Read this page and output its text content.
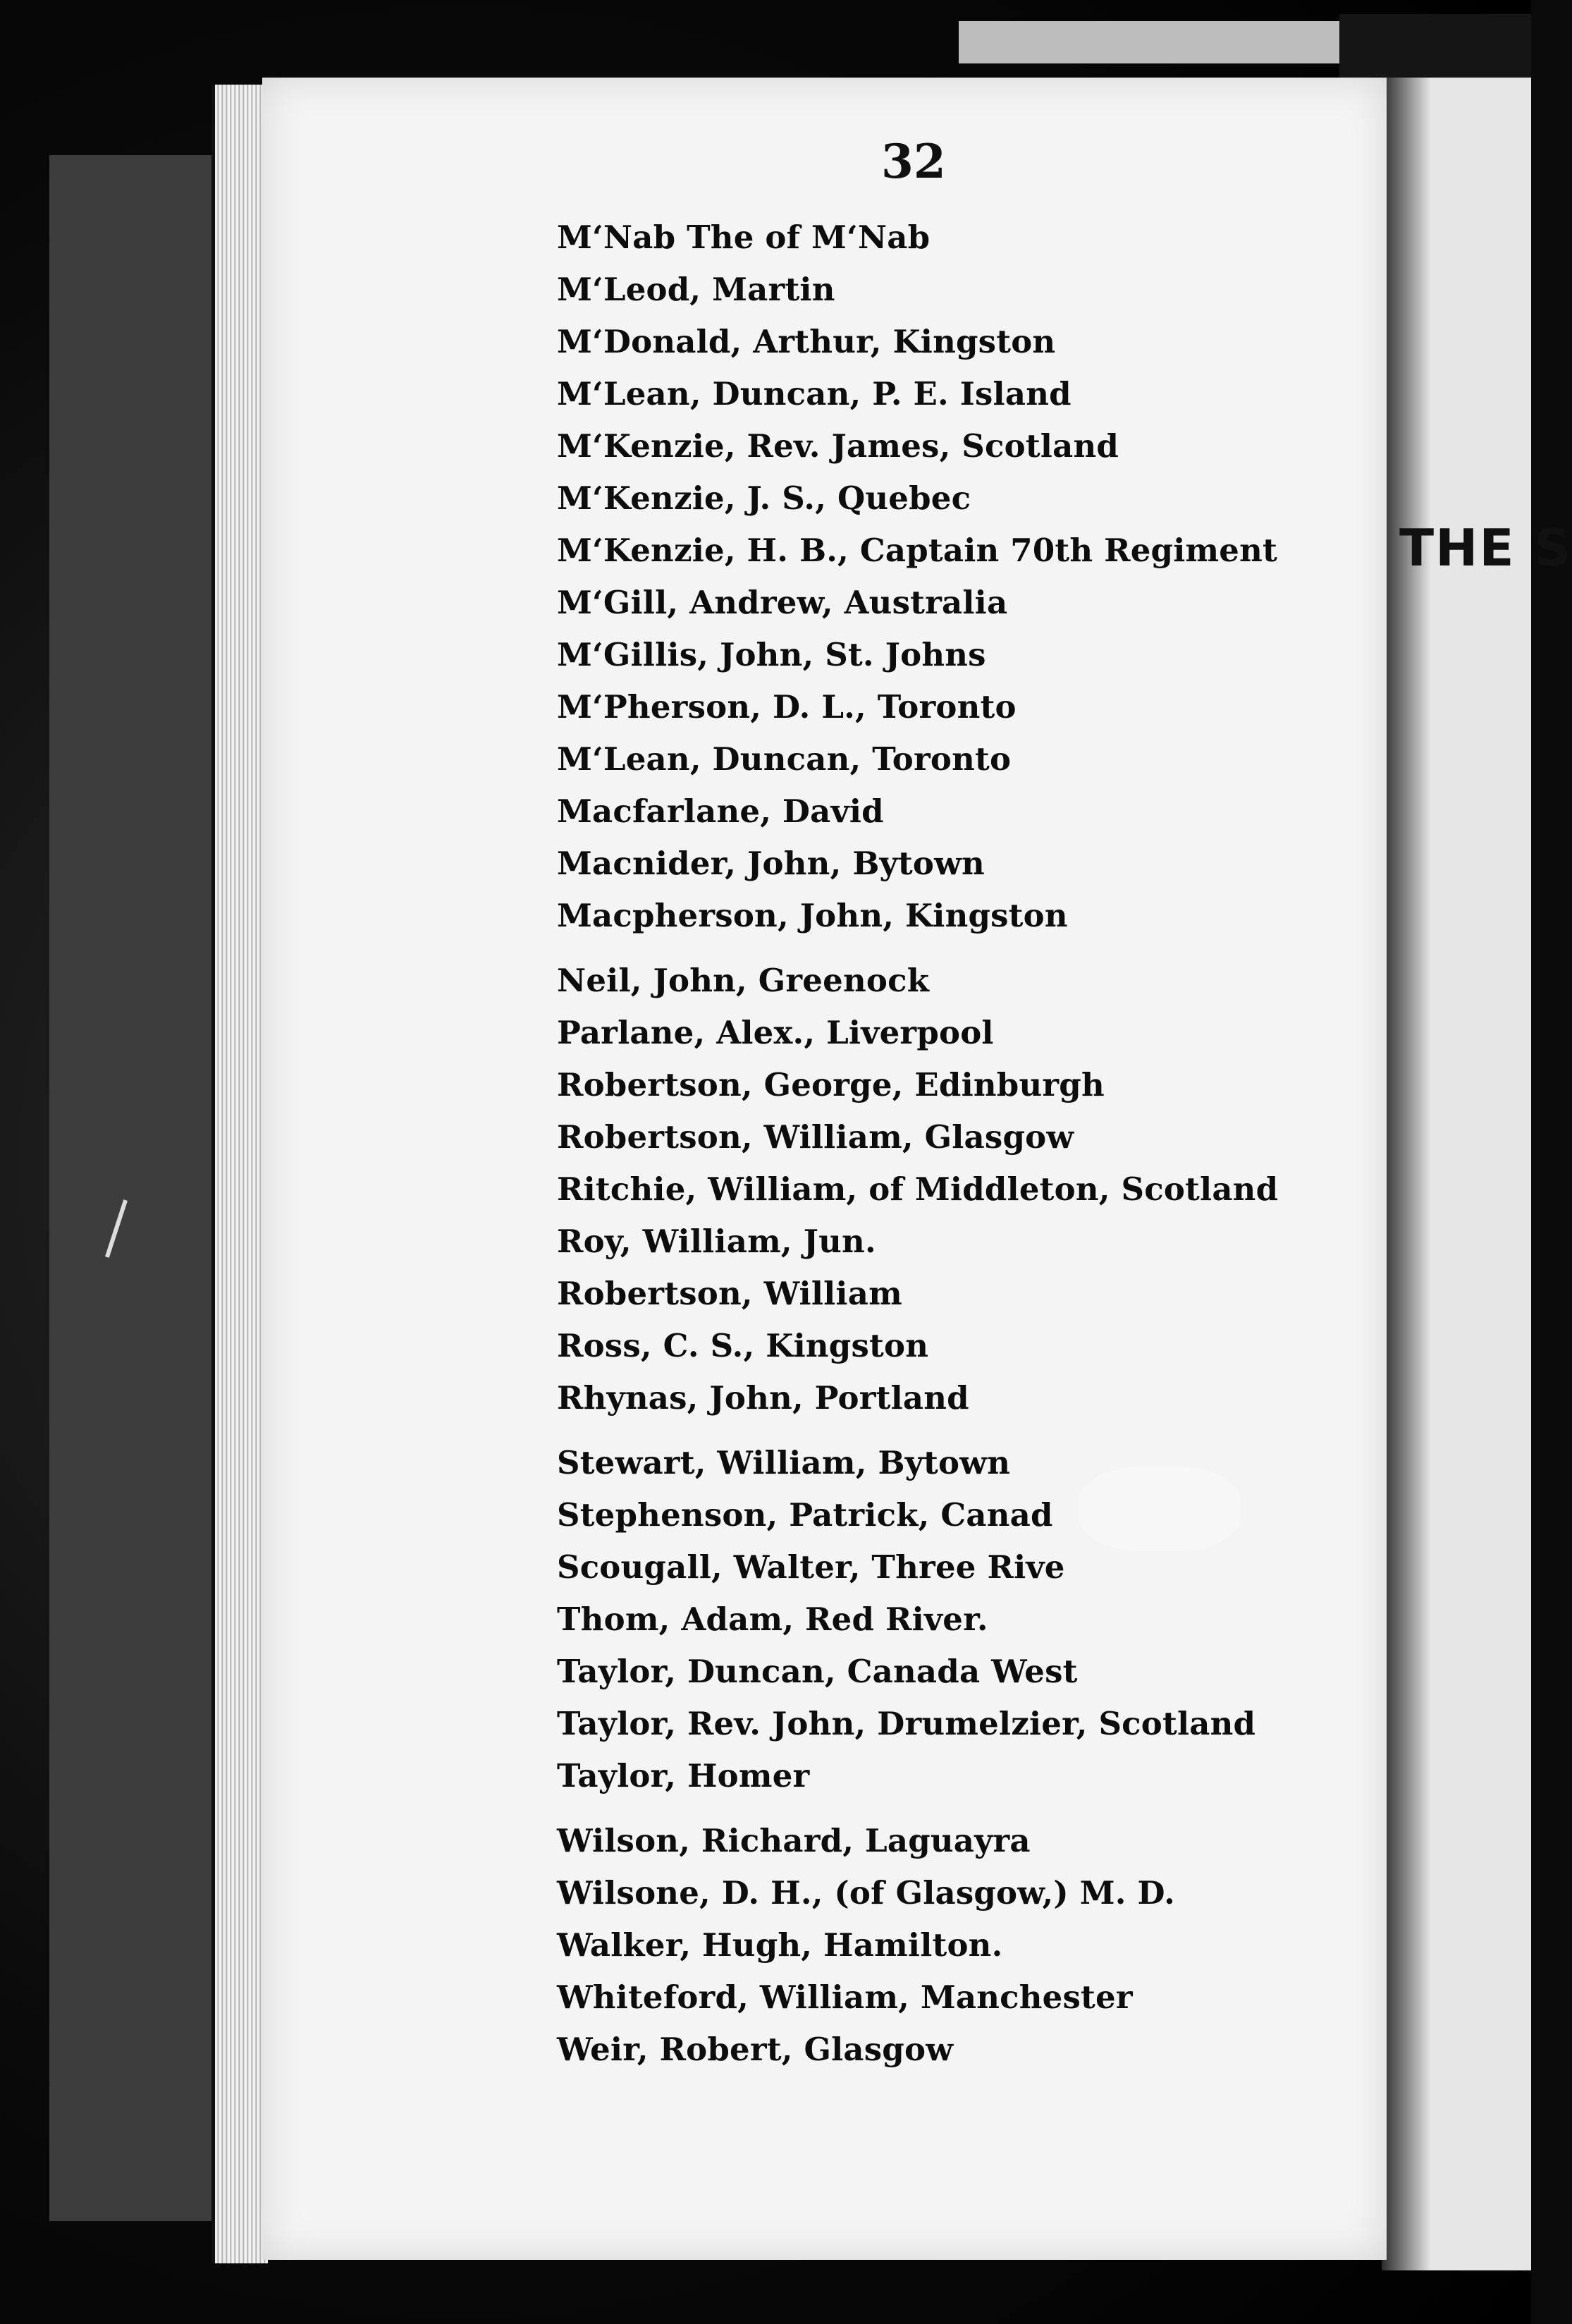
THE S
32
M‘Nab The of M‘Nab
M‘Leod, Martin
M‘Donald, Arthur, Kingston
M‘Lean, Duncan, P. E. Island
M‘Kenzie, Rev. James, Scotland
M‘Kenzie, J. S., Quebec
M‘Kenzie, H. B., Captain 70th Regiment
M‘Gill, Andrew, Australia
M‘Gillis, John, St. Johns
M‘Pherson, D. L., Toronto
M‘Lean, Duncan, Toronto
Macfarlane, David
Macnider, John, Bytown
Macpherson, John, Kingston
Neil, John, Greenock
Parlane, Alex., Liverpool
Robertson, George, Edinburgh
Robertson, William, Glasgow
Ritchie, William, of Middleton, Scotland
Roy, William, Jun.
Robertson, William
Ross, C. S., Kingston
Rhynas, John, Portland
Stewart, William, Bytown
Stephenson, Patrick, Canad
Scougall, Walter, Three Rive
Thom, Adam, Red River.
Taylor, Duncan, Canada West
Taylor, Rev. John, Drumelzier, Scotland
Taylor, Homer
Wilson, Richard, Laguayra
Wilsone, D. H., (of Glasgow,) M. D.
Walker, Hugh, Hamilton.
Whiteford, William, Manchester
Weir, Robert, Glasgow
